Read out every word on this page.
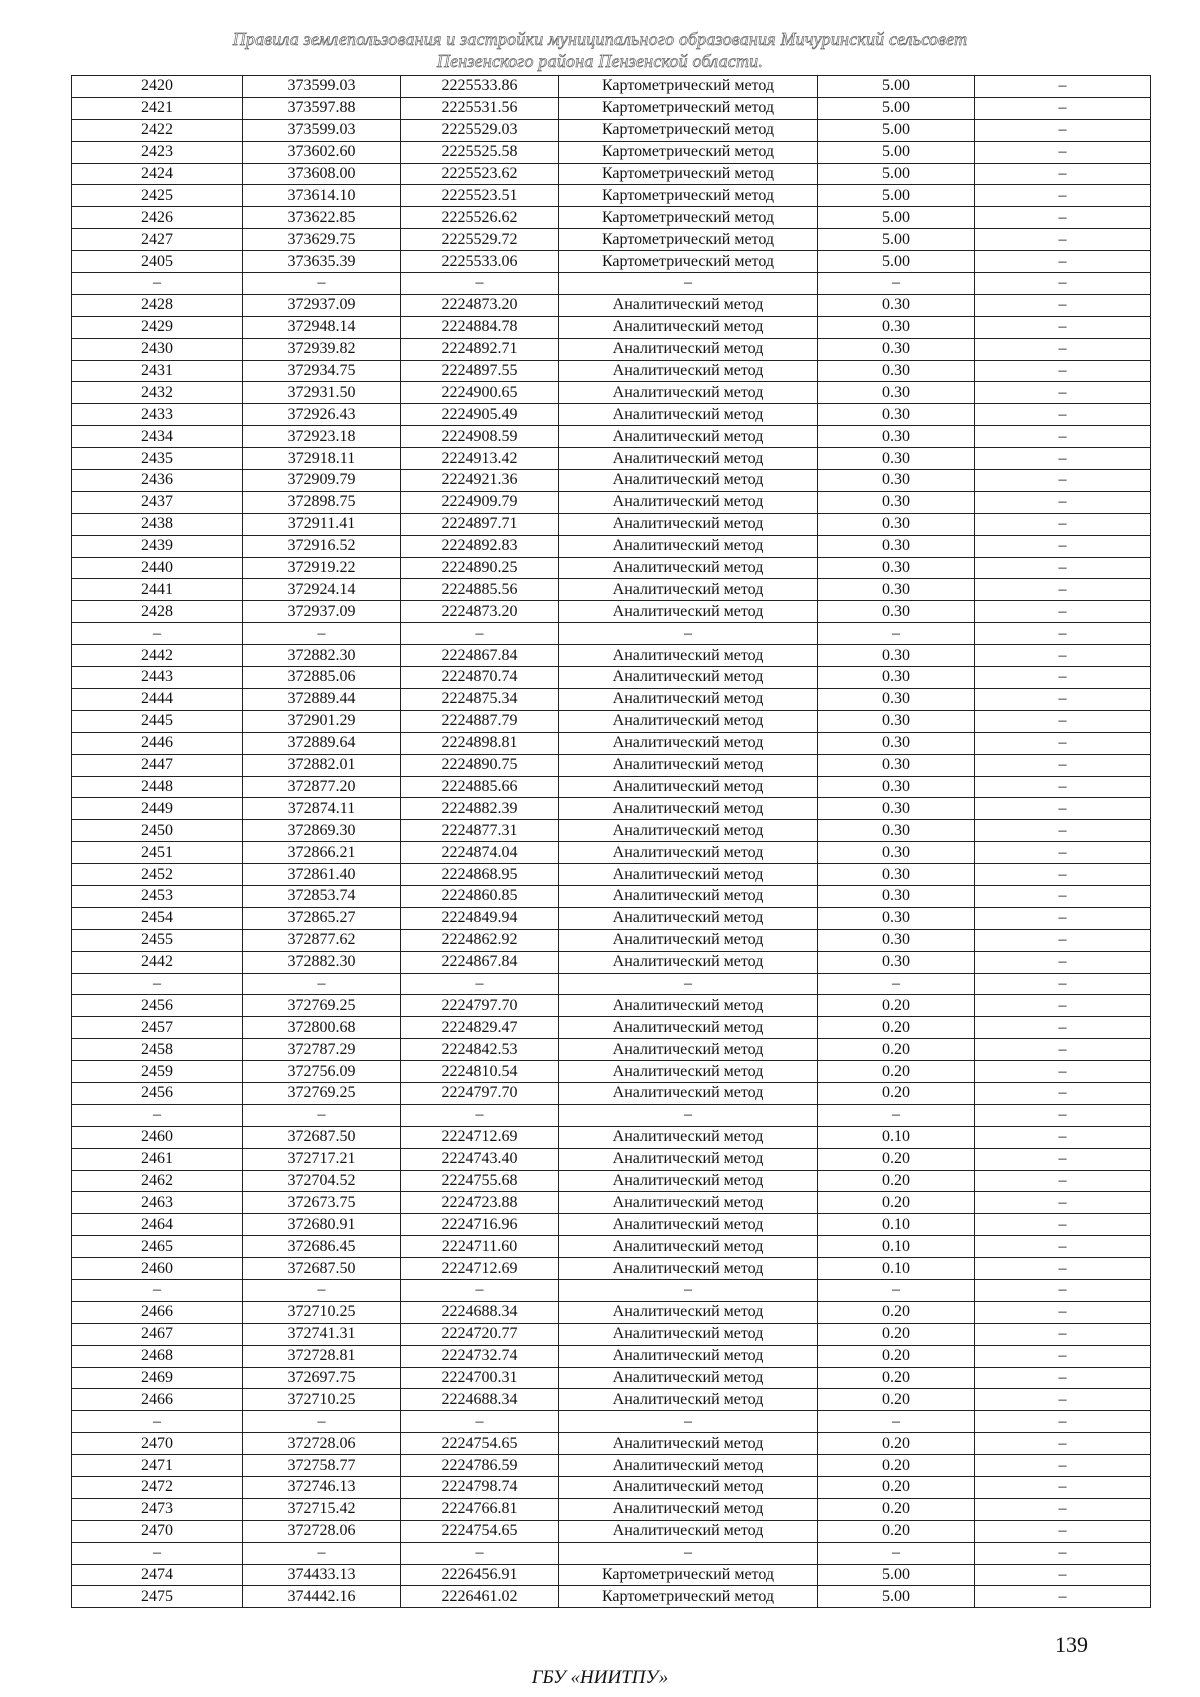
Правила землепользования и застройки муниципального образования Мичуринский сельсовет
Пензенского района Пензенской области.
2420	373599.03	2225533.86	Картометрический метод	5.00	–
2421	373597.88	2225531.56	Картометрический метод	5.00	–
2422	373599.03	2225529.03	Картометрический метод	5.00	–
2423	373602.60	2225525.58	Картометрический метод	5.00	–
2424	373608.00	2225523.62	Картометрический метод	5.00	–
2425	373614.10	2225523.51	Картометрический метод	5.00	–
2426	373622.85	2225526.62	Картометрический метод	5.00	–
2427	373629.75	2225529.72	Картометрический метод	5.00	–
2405	373635.39	2225533.06	Картометрический метод	5.00	–
–	–	–	–	–	–
2428	372937.09	2224873.20	Аналитический метод	0.30	–
2429	372948.14	2224884.78	Аналитический метод	0.30	–
2430	372939.82	2224892.71	Аналитический метод	0.30	–
2431	372934.75	2224897.55	Аналитический метод	0.30	–
2432	372931.50	2224900.65	Аналитический метод	0.30	–
2433	372926.43	2224905.49	Аналитический метод	0.30	–
2434	372923.18	2224908.59	Аналитический метод	0.30	–
2435	372918.11	2224913.42	Аналитический метод	0.30	–
2436	372909.79	2224921.36	Аналитический метод	0.30	–
2437	372898.75	2224909.79	Аналитический метод	0.30	–
2438	372911.41	2224897.71	Аналитический метод	0.30	–
2439	372916.52	2224892.83	Аналитический метод	0.30	–
2440	372919.22	2224890.25	Аналитический метод	0.30	–
2441	372924.14	2224885.56	Аналитический метод	0.30	–
2428	372937.09	2224873.20	Аналитический метод	0.30	–
–	–	–	–	–	–
2442	372882.30	2224867.84	Аналитический метод	0.30	–
2443	372885.06	2224870.74	Аналитический метод	0.30	–
2444	372889.44	2224875.34	Аналитический метод	0.30	–
2445	372901.29	2224887.79	Аналитический метод	0.30	–
2446	372889.64	2224898.81	Аналитический метод	0.30	–
2447	372882.01	2224890.75	Аналитический метод	0.30	–
2448	372877.20	2224885.66	Аналитический метод	0.30	–
2449	372874.11	2224882.39	Аналитический метод	0.30	–
2450	372869.30	2224877.31	Аналитический метод	0.30	–
2451	372866.21	2224874.04	Аналитический метод	0.30	–
2452	372861.40	2224868.95	Аналитический метод	0.30	–
2453	372853.74	2224860.85	Аналитический метод	0.30	–
2454	372865.27	2224849.94	Аналитический метод	0.30	–
2455	372877.62	2224862.92	Аналитический метод	0.30	–
2442	372882.30	2224867.84	Аналитический метод	0.30	–
–	–	–	–	–	–
2456	372769.25	2224797.70	Аналитический метод	0.20	–
2457	372800.68	2224829.47	Аналитический метод	0.20	–
2458	372787.29	2224842.53	Аналитический метод	0.20	–
2459	372756.09	2224810.54	Аналитический метод	0.20	–
2456	372769.25	2224797.70	Аналитический метод	0.20	–
–	–	–	–	–	–
2460	372687.50	2224712.69	Аналитический метод	0.10	–
2461	372717.21	2224743.40	Аналитический метод	0.20	–
2462	372704.52	2224755.68	Аналитический метод	0.20	–
2463	372673.75	2224723.88	Аналитический метод	0.20	–
2464	372680.91	2224716.96	Аналитический метод	0.10	–
2465	372686.45	2224711.60	Аналитический метод	0.10	–
2460	372687.50	2224712.69	Аналитический метод	0.10	–
–	–	–	–	–	–
2466	372710.25	2224688.34	Аналитический метод	0.20	–
2467	372741.31	2224720.77	Аналитический метод	0.20	–
2468	372728.81	2224732.74	Аналитический метод	0.20	–
2469	372697.75	2224700.31	Аналитический метод	0.20	–
2466	372710.25	2224688.34	Аналитический метод	0.20	–
–	–	–	–	–	–
2470	372728.06	2224754.65	Аналитический метод	0.20	–
2471	372758.77	2224786.59	Аналитический метод	0.20	–
2472	372746.13	2224798.74	Аналитический метод	0.20	–
2473	372715.42	2224766.81	Аналитический метод	0.20	–
2470	372728.06	2224754.65	Аналитический метод	0.20	–
–	–	–	–	–	–
2474	374433.13	2226456.91	Картометрический метод	5.00	–
2475	374442.16	2226461.02	Картометрический метод	5.00	–
139
ГБУ «НИИТПУ»
